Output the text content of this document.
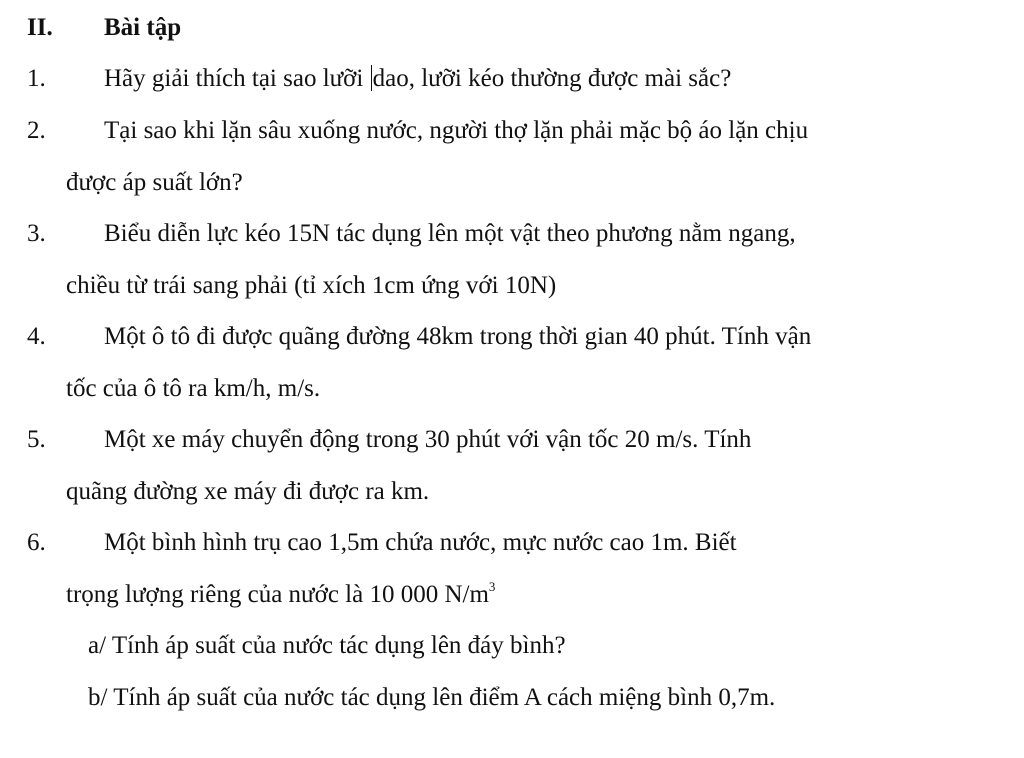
II. Bài tập
1. Hãy giải thích tại sao lưỡi dao, lưỡi kéo thường được mài sắc?
2. Tại sao khi lặn sâu xuống nước, người thợ lặn phải mặc bộ áo lặn chịu
được áp suất lớn?
3. Biểu diễn lực kéo 15N tác dụng lên một vật theo phương nằm ngang,
chiều từ trái sang phải (tỉ xích 1cm ứng với 10N)
4. Một ô tô đi được quãng đường 48km trong thời gian 40 phút. Tính vận
tốc của ô tô ra km/h, m/s.
5. Một xe máy chuyển động trong 30 phút với vận tốc 20 m/s. Tính
quãng đường xe máy đi được ra km.
6. Một bình hình trụ cao 1,5m chứa nước, mực nước cao 1m. Biết
trọng lượng riêng của nước là 10 000 $N/m^3$
a/ Tính áp suất của nước tác dụng lên đáy bình?
b/ Tính áp suất của nước tác dụng lên điểm A cách miệng bình 0,7m.
